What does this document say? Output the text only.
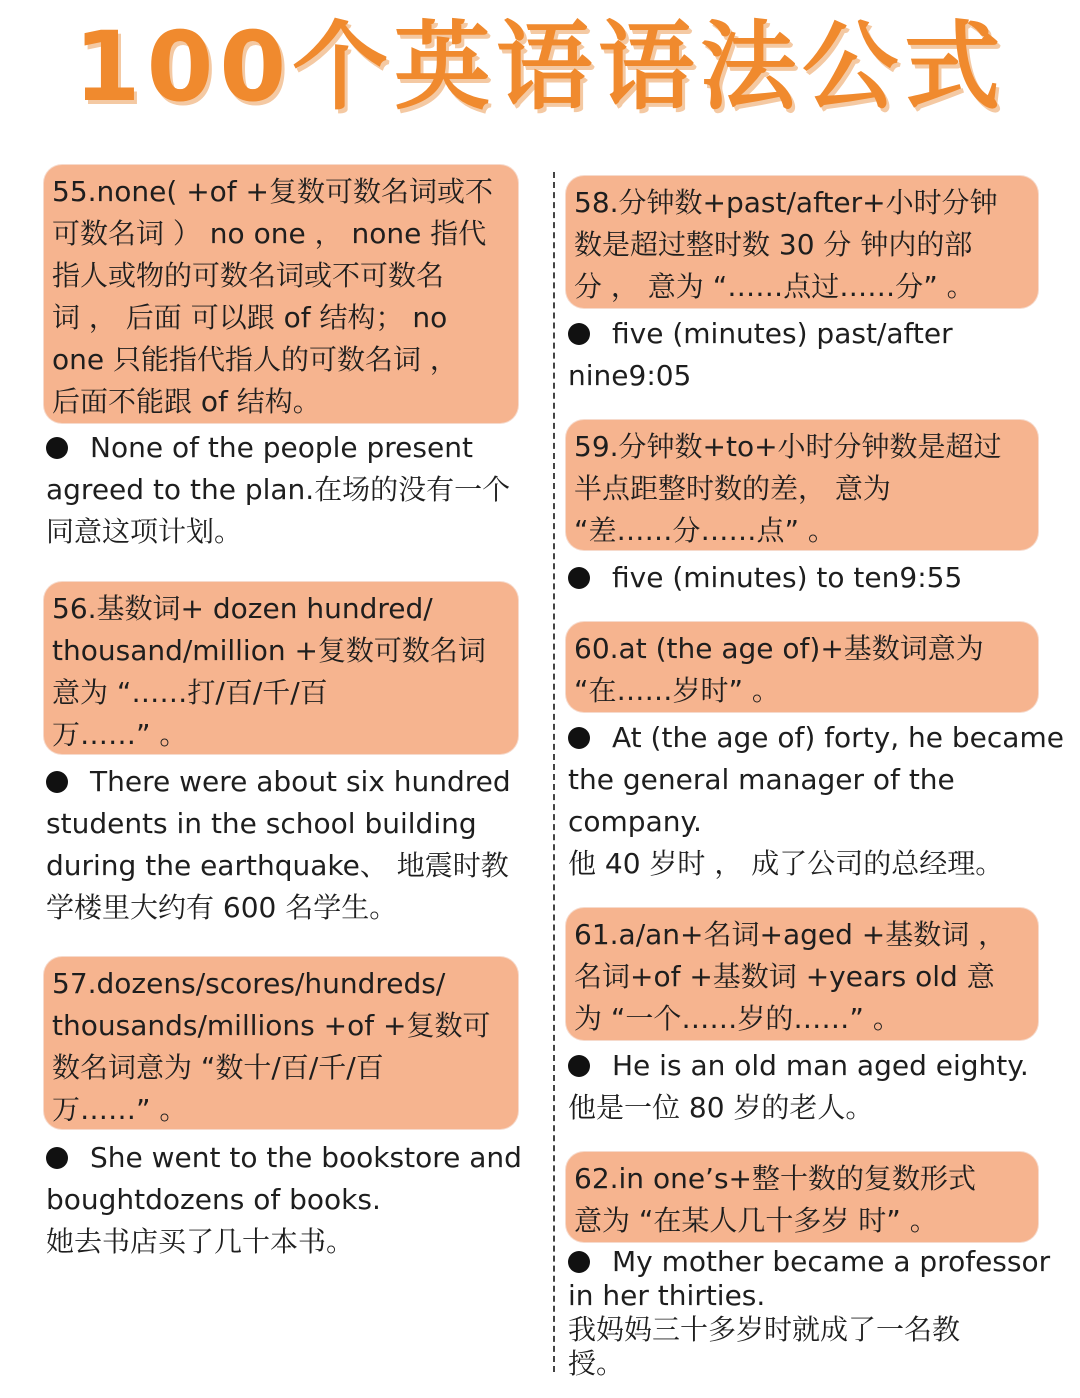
100个英语语法公式
55.none( +of +复数可数名词或不
可数名词 ） no one ， none 指代
指人或物的可数名词或不可数名
词 ， 后面 可以跟 of 结构； no
one 只能指代指人的可数名词 ，
后面不能跟 of 结构。
None of the people present
agreed to the plan.在场的没有一个
同意这项计划。
56.基数词+ dozen hundred/
thousand/million +复数可数名词
意为 “……打/百/千/百
万……” 。
There were about six hundred
students in the school building
during the earthquake、 地震时教
学楼里大约有 600 名学生。
57.dozens/scores/hundreds/
thousands/millions +of +复数可
数名词意为 “数十/百/千/百
万……” 。
She went to the bookstore and
boughtdozens of books.
她去书店买了几十本书。
58.分钟数+past/after+小时分钟
数是超过整时数 30 分 钟内的部
分 ， 意为 “……点过……分” 。
five (minutes) past/after
nine9:05
59.分钟数+to+小时分钟数是超过
半点距整时数的差， 意为
“差……分……点” 。
five (minutes) to ten9:55
60.at (the age of)+基数词意为
“在……岁时” 。
At (the age of) forty, he became
the general manager of the
company.
他 40 岁时 ， 成了公司的总经理。
61.a/an+名词+aged +基数词 ，
名词+of +基数词 +years old 意
为 “一个……岁的……” 。
He is an old man aged eighty.
他是一位 80 岁的老人。
62.in one’s+整十数的复数形式
意为 “在某人几十多岁 时” 。
My mother became a professor
in her thirties.
我妈妈三十多岁时就成了一名教
授。
